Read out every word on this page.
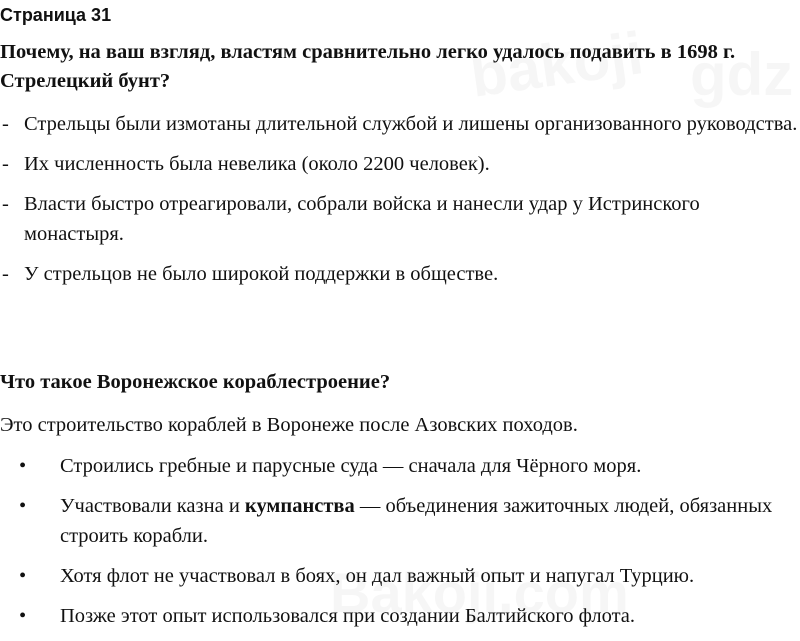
Страница 31
Почему, на ваш взгляд, властям сравнительно легко удалось подавить в 1698 г. Стрелецкий бунт?
- Стрельцы были измотаны длительной службой и лишены организованного руководства.
- Их численность была невелика (около 2200 человек).
- Власти быстро отреагировали, собрали войска и нанесли удар у Истринского монастыря.
- У стрельцов не было широкой поддержки в обществе.
Что такое Воронежское кораблестроение?
Это строительство кораблей в Воронеже после Азовских походов.
• Строились гребные и парусные суда — сначала для Чёрного моря.
• Участвовали казна и кумпанства — объединения зажиточных людей, обязанных строить корабли.
• Хотя флот не участвовал в боях, он дал важный опыт и напугал Турцию.
• Позже этот опыт использовался при создании Балтийского флота.
